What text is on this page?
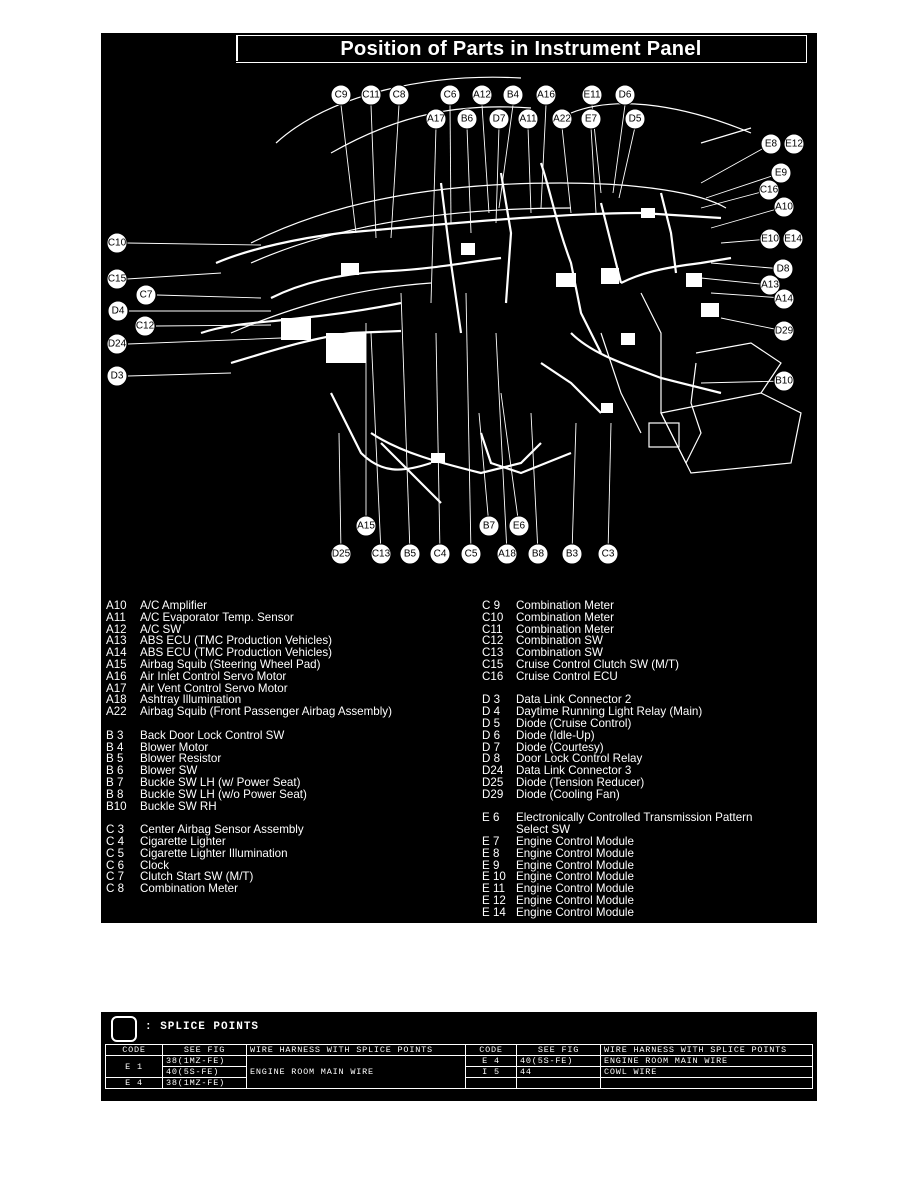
Position of Parts in Instrument Panel
C9 C11 C8	C6 A12 B4 A16	E11 D6
A17 B6 D7 A11 A22 E7	D5
E8 E12
E9
C16
A10
E10 E14
D8
A13
A14
D29
B10
C10
C15
C7
D4
C12
D24
D3
A15	B7 E6
D25 C13 B5 C4 C5 A18 B8 B3 C3
A10	A/C Amplifier
A11	A/C Evaporator Temp. Sensor
A12	A/C SW
A13	ABS ECU (TMC Production Vehicles)
A14	ABS ECU (TMC Production Vehicles)
A15	Airbag Squib (Steering Wheel Pad)
A16	Air Inlet Control Servo Motor
A17	Air Vent Control Servo Motor
A18	Ashtray Illumination
A22	Airbag Squib (Front Passenger Airbag Assembly)
B 3	Back Door Lock Control SW
B 4	Blower Motor
B 5	Blower Resistor
B 6	Blower SW
B 7	Buckle SW LH (w/ Power Seat)
B 8	Buckle SW LH (w/o Power Seat)
B10	Buckle SW RH
C 3	Center Airbag Sensor Assembly
C 4	Cigarette Lighter
C 5	Cigarette Lighter Illumination
C 6	Clock
C 7	Clutch Start SW (M/T)
C 8	Combination Meter
C 9	Combination Meter
C10	Combination Meter
C11	Combination Meter
C12	Combination SW
C13	Combination SW
C15	Cruise Control Clutch SW (M/T)
C16	Cruise Control ECU
D 3	Data Link Connector 2
D 4	Daytime Running Light Relay (Main)
D 5	Diode (Cruise Control)
D 6	Diode (Idle-Up)
D 7	Diode (Courtesy)
D 8	Door Lock Control Relay
D24	Data Link Connector 3
D25	Diode (Tension Reducer)
D29	Diode (Cooling Fan)
E 6	Electronically Controlled Transmission Pattern
Select SW
E 7	Engine Control Module
E 8	Engine Control Module
E 9	Engine Control Module
E 10 Engine Control Module
E 11 Engine Control Module
E 12 Engine Control Module
E 14 Engine Control Module
: SPLICE POINTS
CODE	SEE FIG	WIRE HARNESS WITH SPLICE POINTS	CODE	SEE FIG	WIRE HARNESS WITH SPLICE POINTS
E 1	38(1MZ-FE)	ENGINE ROOM MAIN WIRE	E 4	40(5S-FE)	ENGINE ROOM MAIN WIRE
	40(5S-FE)		I 5	44	COWL WIRE
E 4	38(1MZ-FE)				
